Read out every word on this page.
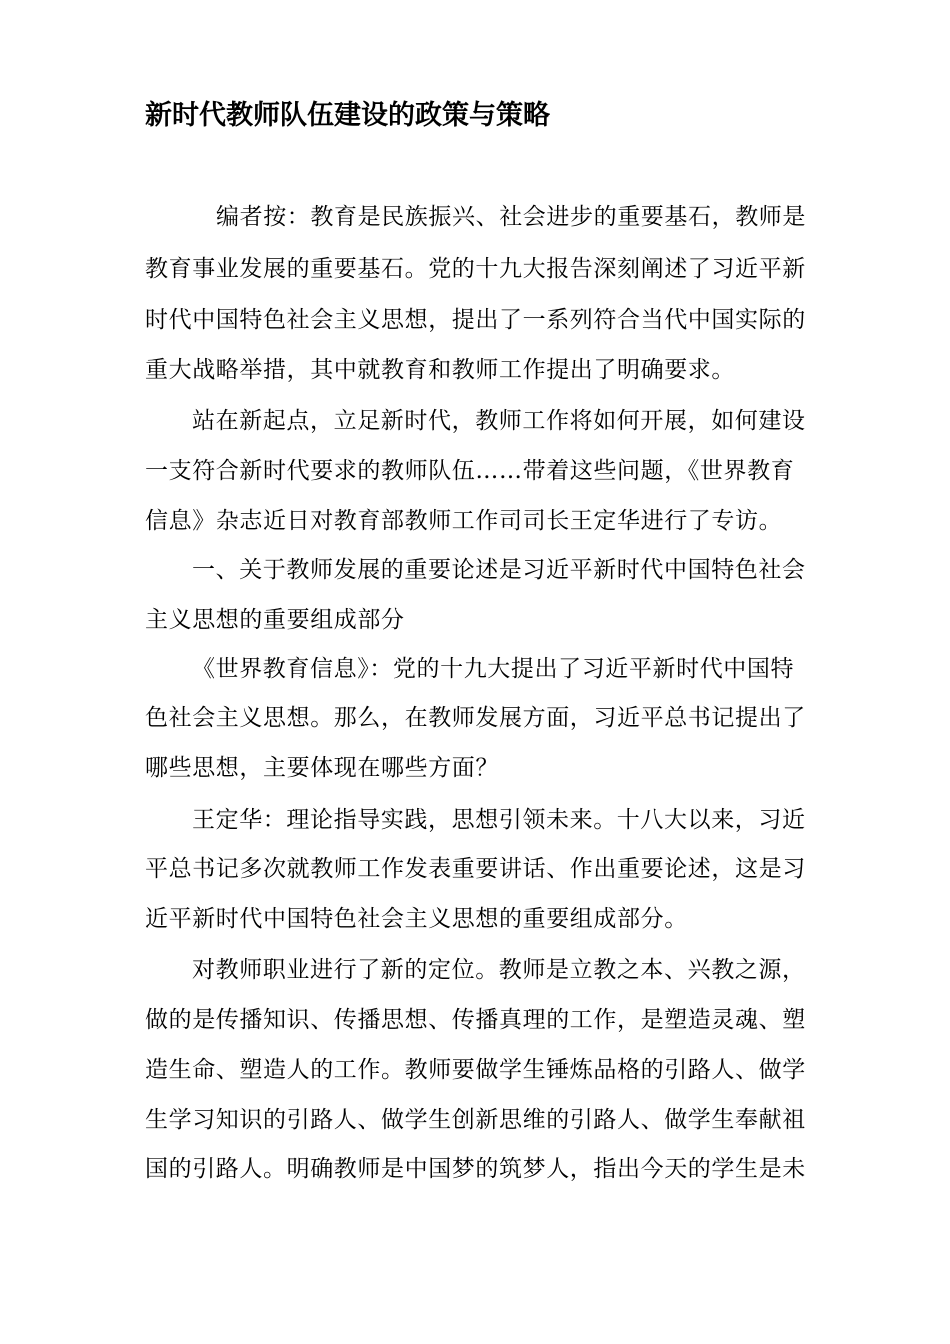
新时代教师队伍建设的政策与策略
编者按：教育是民族振兴、社会进步的重要基石，教师是
教育事业发展的重要基石。党的十九大报告深刻阐述了习近平新
时代中国特色社会主义思想，提出了一系列符合当代中国实际的
重大战略举措，其中就教育和教师工作提出了明确要求。
站在新起点，立足新时代，教师工作将如何开展，如何建设
一支符合新时代要求的教师队伍……带着这些问题，《世界教育
信息》杂志近日对教育部教师工作司司长王定华进行了专访。
一、关于教师发展的重要论述是习近平新时代中国特色社会
主义思想的重要组成部分
《世界教育信息》：党的十九大提出了习近平新时代中国特
色社会主义思想。那么，在教师发展方面，习近平总书记提出了
哪些思想，主要体现在哪些方面？
王定华：理论指导实践，思想引领未来。十八大以来，习近
平总书记多次就教师工作发表重要讲话、作出重要论述，这是习
近平新时代中国特色社会主义思想的重要组成部分。
对教师职业进行了新的定位。教师是立教之本、兴教之源，
做的是传播知识、传播思想、传播真理的工作，是塑造灵魂、塑
造生命、塑造人的工作。教师要做学生锤炼品格的引路人、做学
生学习知识的引路人、做学生创新思维的引路人、做学生奉献祖
国的引路人。明确教师是中国梦的筑梦人，指出今天的学生是未
